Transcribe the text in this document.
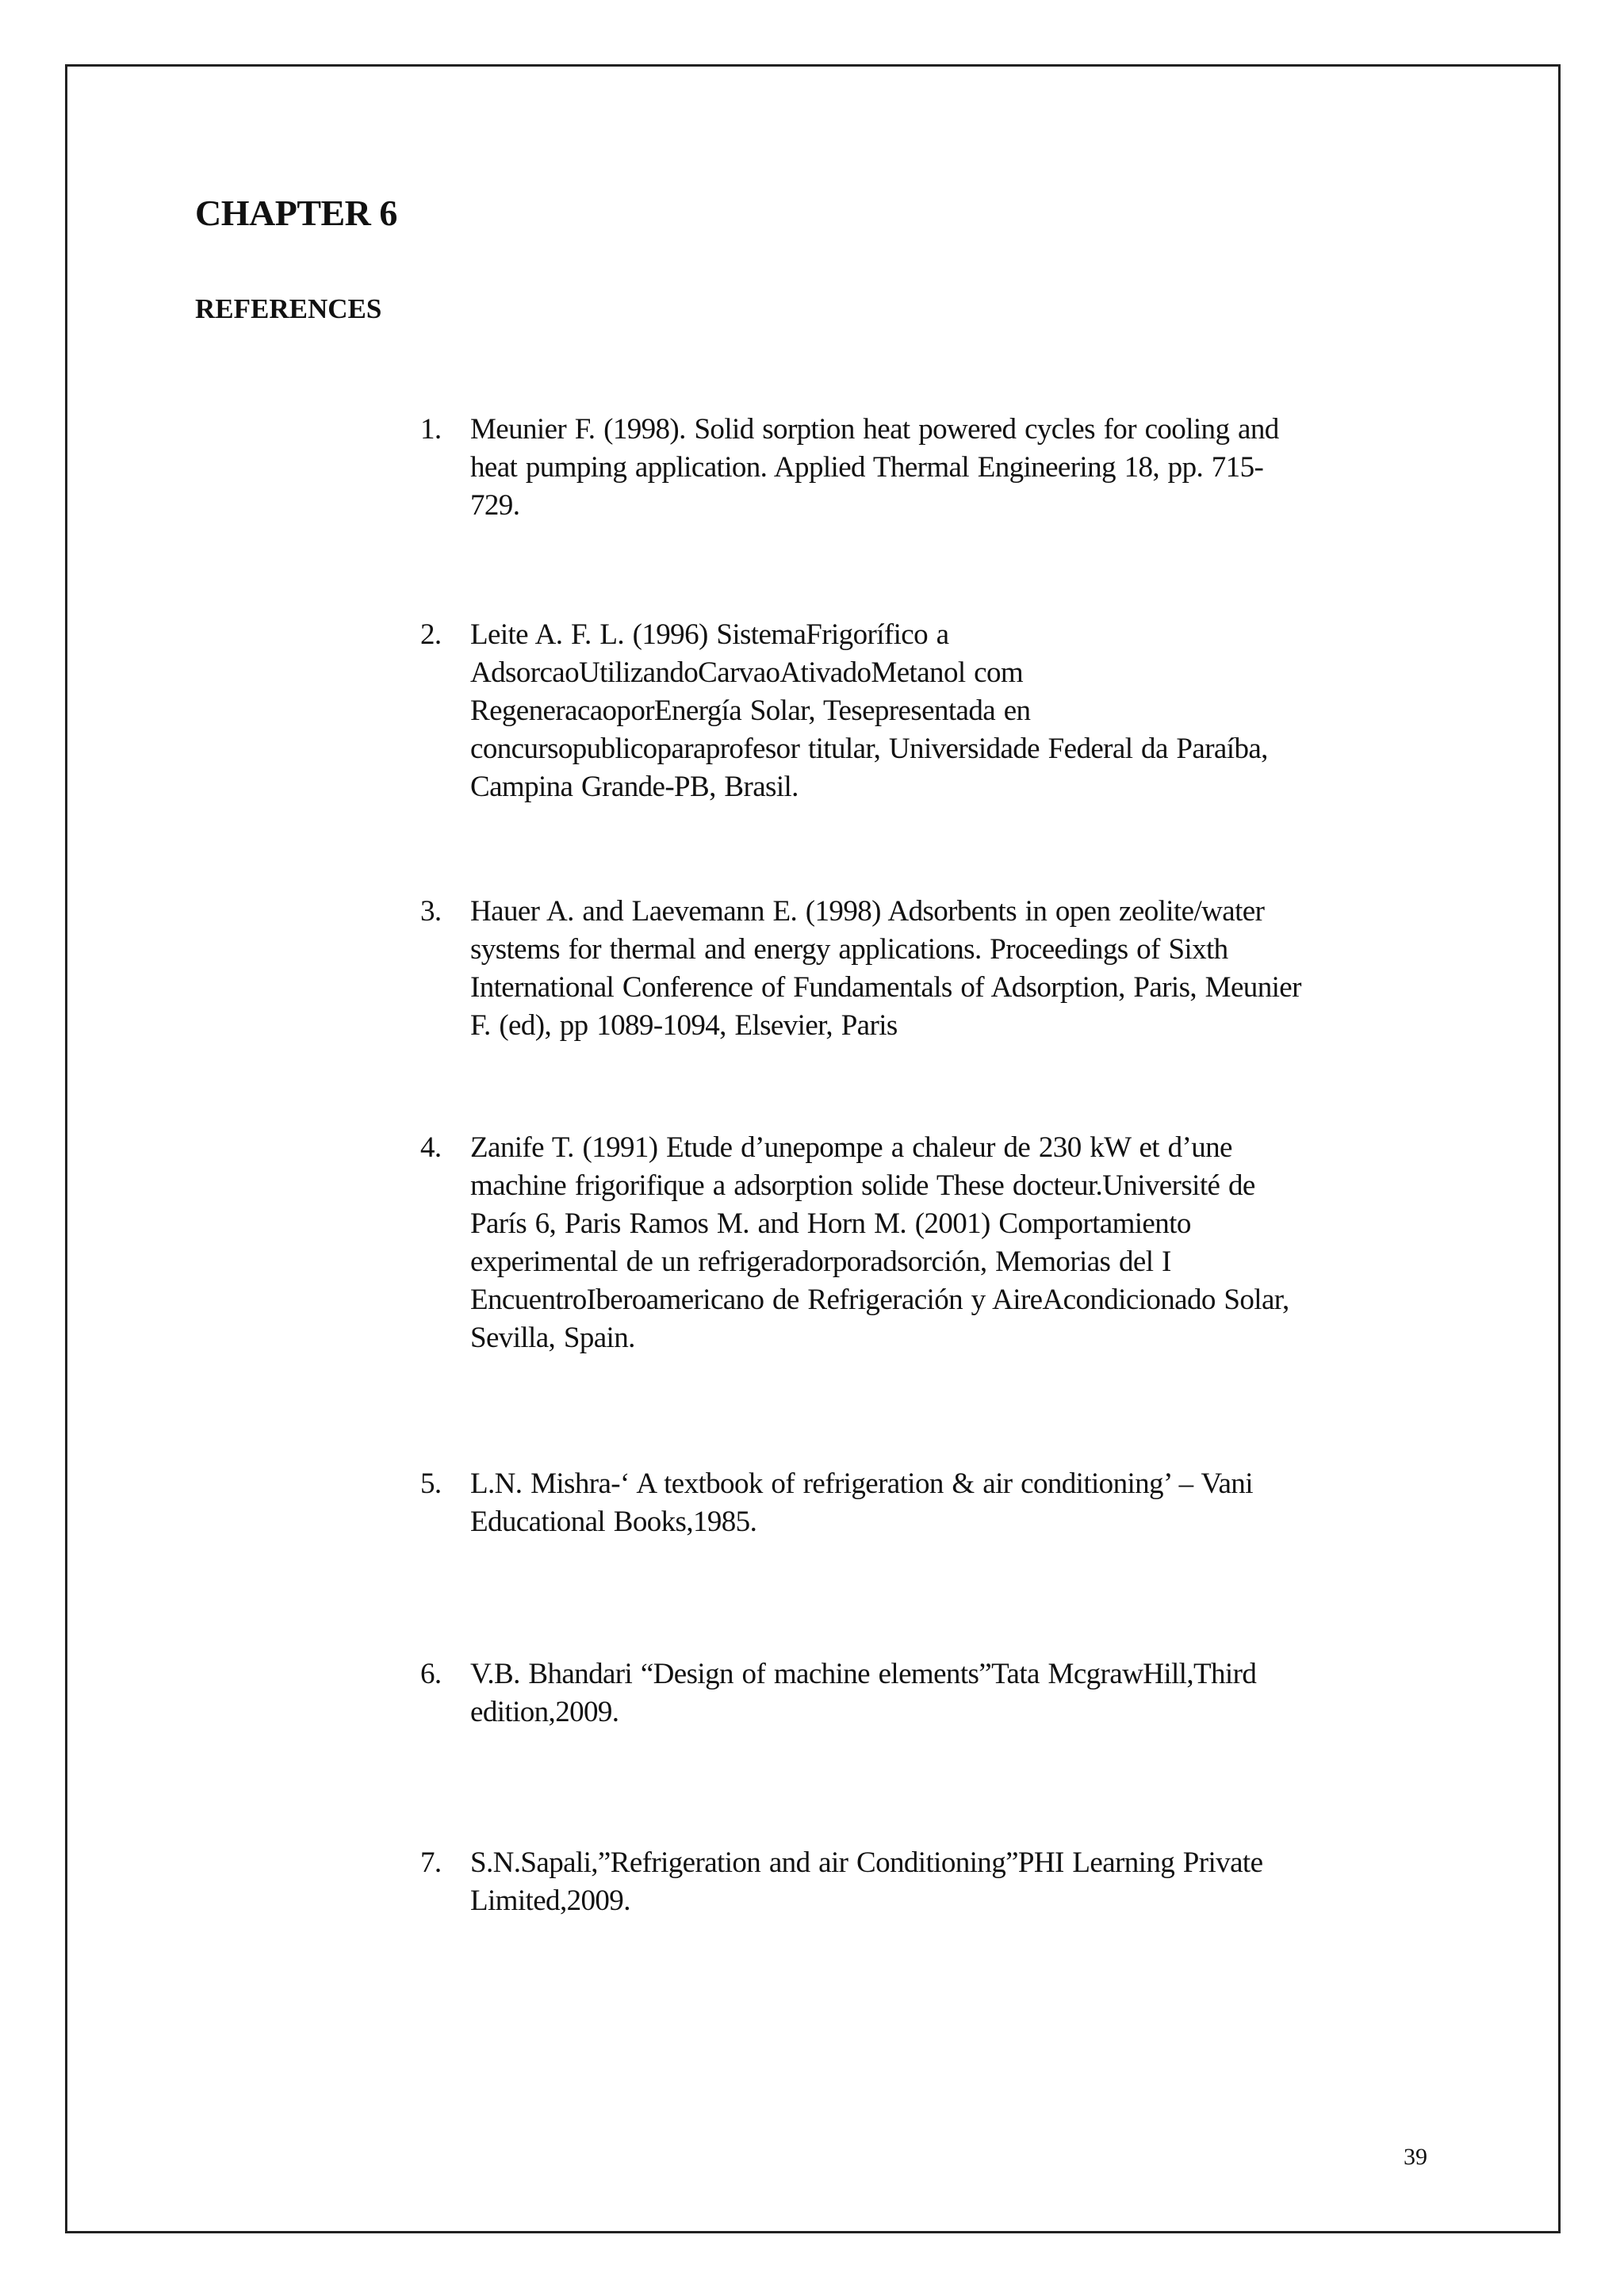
CHAPTER 6
REFERENCES
1. Meunier F. (1998). Solid sorption heat powered cycles for cooling and
heat pumping application. Applied Thermal Engineering 18, pp. 715-
729.
2. Leite A. F. L. (1996) SistemaFrigorífico a
AdsorcaoUtilizandoCarvaoAtivadoMetanol com
RegeneracaoporEnergía Solar, Tesepresentada en
concursopublicoparaprofesor titular, Universidade Federal da Paraíba,
Campina Grande-PB, Brasil.
3. Hauer A. and Laevemann E. (1998) Adsorbents in open zeolite/water
systems for thermal and energy applications. Proceedings of Sixth
International Conference of Fundamentals of Adsorption, Paris, Meunier
F. (ed), pp 1089-1094, Elsevier, Paris
4. Zanife T. (1991) Etude d’unepompe a chaleur de 230 kW et d’une
machine frigorifique a adsorption solide These docteur.Université de
París 6, Paris Ramos M. and Horn M. (2001) Comportamiento
experimental de un refrigeradorporadsorción, Memorias del I
EncuentroIberoamericano de Refrigeración y AireAcondicionado Solar,
Sevilla, Spain.
5. L.N. Mishra-‘ A textbook of refrigeration & air conditioning’ – Vani
Educational Books,1985.
6. V.B. Bhandari “Design of machine elements”Tata McgrawHill,Third
edition,2009.
7. S.N.Sapali,”Refrigeration and air Conditioning”PHI Learning Private
Limited,2009.
39
